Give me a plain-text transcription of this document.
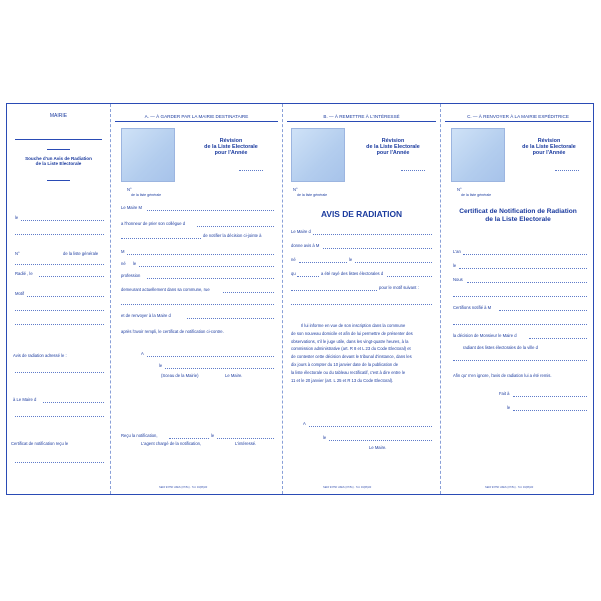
MAIRIE
Souche d'un Avis de Radiation
de la Liste Electorale
le
N°	de la liste générale
Radié , le
Motif
Avis de radiation adressé le :
à Le Maire d
Certificat de notification reçu le
A. — À GARDER PAR LA MAIRIE DESTINATAIRE
Révision
de la Liste Electorale
pour l'Année
N°
de la liste générale
Le Maire M
a l'honneur de prier son collègue d
de notifier la décision ci-jointe à
M
né le
profession
demeurant actuellement dans sa commune, rue
et de renvoyer à la Maire d
après l'avoir rempli, le certificat de notification ci-contre.
A
le
(Sceau de la Mairie)	Le Maire.
Reçu la notification,	le
L'agent chargé de la notification,	L'intéressé.
SEDI 93756 UZES (07/51) · Tél. 04(66)00
B. — À REMETTRE À L'INTÉRESSÉ
Révision
de la Liste Electorale
pour l'Année
N°
de la liste générale
AVIS DE RADIATION
Le Maire d
donne avis à M
né	le
qu	a été rayé des listes électorales d
pour le motif suivant :
Il lui informe en vue de son inscription dans la commune
de son nouveau domicile et afin de lui permettre de présenter des
observations, s'il le juge utile, dans les vingt-quatre heures, à la
commission administrative (art. R 8 et L 23 du Code Electoral) et
de contester cette décision devant le tribunal d'instance, dans les
dix jours à compter du 10 janvier date de la publication de
la liste électorale ou du tableau rectificatif, c'est à dire entre le
11 et le 20 janvier (art. L 25 et R 13 du Code Electoral).
A
le
Le Maire.
SEDI 93756 UZES (07/51) · Tél. 04(66)00
C. — À RENVOYER À LA MAIRIE EXPÉDITRICE
Révision
de la Liste Electorale
pour l'Année
N°
de la liste générale
Certificat de Notification de Radiation
de la Liste Electorale
L'an
le
Nous
Certifions notifié à M
la décision de Monsieur le Maire d
radiant des listes électorales de la ville d
Afin qu' n'en ignore, l'avis de radiation lui a été remis.
Fait à
le
SEDI 93756 UZES (07/51) · Tél. 04(66)00
